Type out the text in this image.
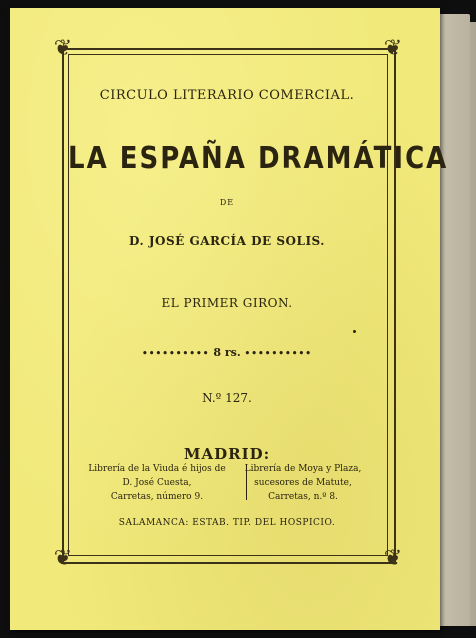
❦	❦
❦	❦
CIRCULO LITERARIO COMERCIAL.
LA ESPAÑA DRAMÁTICA
DE
D. JOSÉ GARCÍA DE SOLIS.
EL PRIMER GIRON.
•••••••••• 8 rs. ••••••••••
N.º 127.
MADRID:
Librería de la Viuda é hijos de
D. José Cuesta,
Carretas, número 9.
Librería de Moya y Plaza,
sucesores de Matute,
Carretas, n.º 8.
SALAMANCA: ESTAB. TIP. DEL HOSPICIO.
